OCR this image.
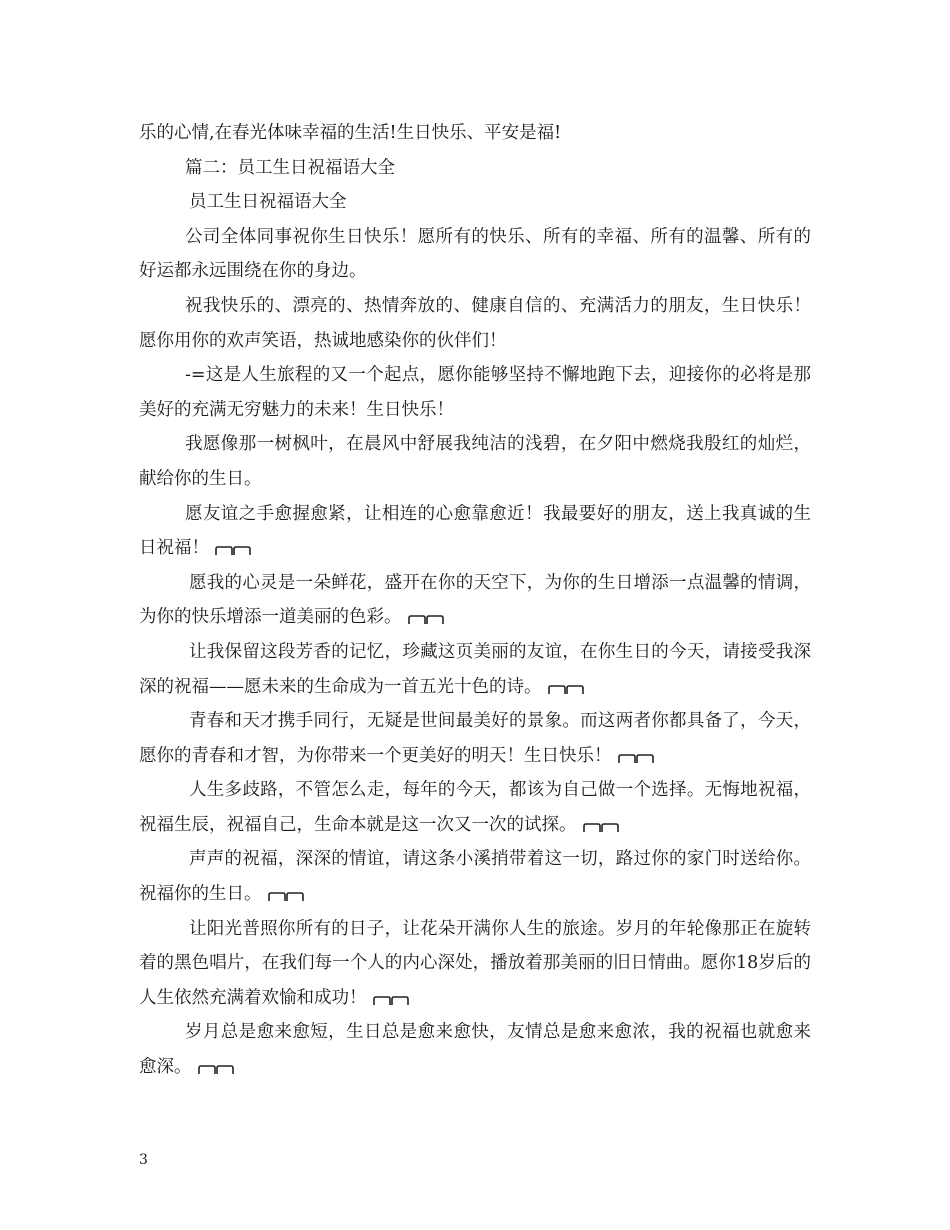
乐的心情,在春光体味幸福的生活!生日快乐、平安是福!

篇二：员工生日祝福语大全

员工生日祝福语大全

公司全体同事祝你生日快乐！愿所有的快乐、所有的幸福、所有的温馨、所有的好运都永远围绕在你的身边。

祝我快乐的、漂亮的、热情奔放的、健康自信的、充满活力的朋友，生日快乐！愿你用你的欢声笑语，热诚地感染你的伙伴们！

-=这是人生旅程的又一个起点，愿你能够坚持不懈地跑下去，迎接你的必将是那美好的充满无穷魅力的未来！生日快乐！

我愿像那一树枫叶，在晨风中舒展我纯洁的浅碧，在夕阳中燃烧我殷红的灿烂，献给你的生日。

愿友谊之手愈握愈紧，让相连的心愈靠愈近！我最要好的朋友，送上我真诚的生日祝福！

愿我的心灵是一朵鲜花，盛开在你的天空下，为你的生日增添一点温馨的情调，为你的快乐增添一道美丽的色彩。

让我保留这段芳香的记忆，珍藏这页美丽的友谊，在你生日的今天，请接受我深深的祝福——愿未来的生命成为一首五光十色的诗。

青春和天才携手同行，无疑是世间最美好的景象。而这两者你都具备了，今天，愿你的青春和才智，为你带来一个更美好的明天！生日快乐！

人生多歧路，不管怎么走，每年的今天，都该为自己做一个选择。无悔地祝福，祝福生辰，祝福自己，生命本就是这一次又一次的试探。

声声的祝福，深深的情谊，请这条小溪捎带着这一切，路过你的家门时送给你。祝福你的生日。

让阳光普照你所有的日子，让花朵开满你人生的旅途。岁月的年轮像那正在旋转着的黑色唱片，在我们每一个人的内心深处，播放着那美丽的旧日情曲。愿你18岁后的人生依然充满着欢愉和成功！

岁月总是愈来愈短，生日总是愈来愈快，友情总是愈来愈浓，我的祝福也就愈来愈深。

3
